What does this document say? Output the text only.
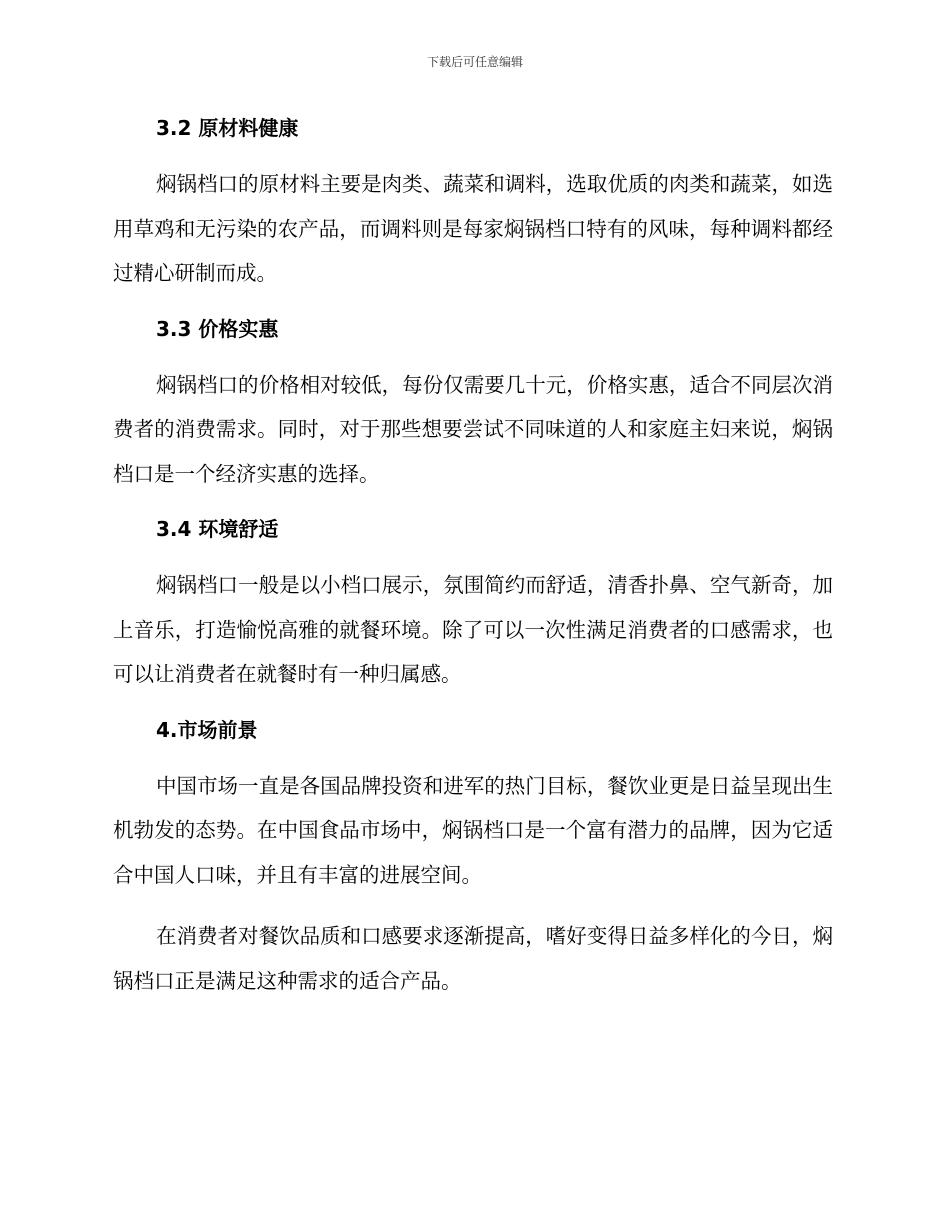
下载后可任意编辑
3.2 原材料健康

焖锅档口的原材料主要是肉类、蔬菜和调料，选取优质的肉类和蔬菜，如选用草鸡和无污染的农产品，而调料则是每家焖锅档口特有的风味，每种调料都经过精心研制而成。

3.3 价格实惠

焖锅档口的价格相对较低，每份仅需要几十元，价格实惠，适合不同层次消费者的消费需求。同时，对于那些想要尝试不同味道的人和家庭主妇来说，焖锅档口是一个经济实惠的选择。

3.4 环境舒适

焖锅档口一般是以小档口展示，氛围简约而舒适，清香扑鼻、空气新奇，加上音乐，打造愉悦高雅的就餐环境。除了可以一次性满足消费者的口感需求，也可以让消费者在就餐时有一种归属感。

4.市场前景

中国市场一直是各国品牌投资和进军的热门目标，餐饮业更是日益呈现出生机勃发的态势。在中国食品市场中，焖锅档口是一个富有潜力的品牌，因为它适合中国人口味，并且有丰富的进展空间。

在消费者对餐饮品质和口感要求逐渐提高，嗜好变得日益多样化的今日，焖锅档口正是满足这种需求的适合产品。
